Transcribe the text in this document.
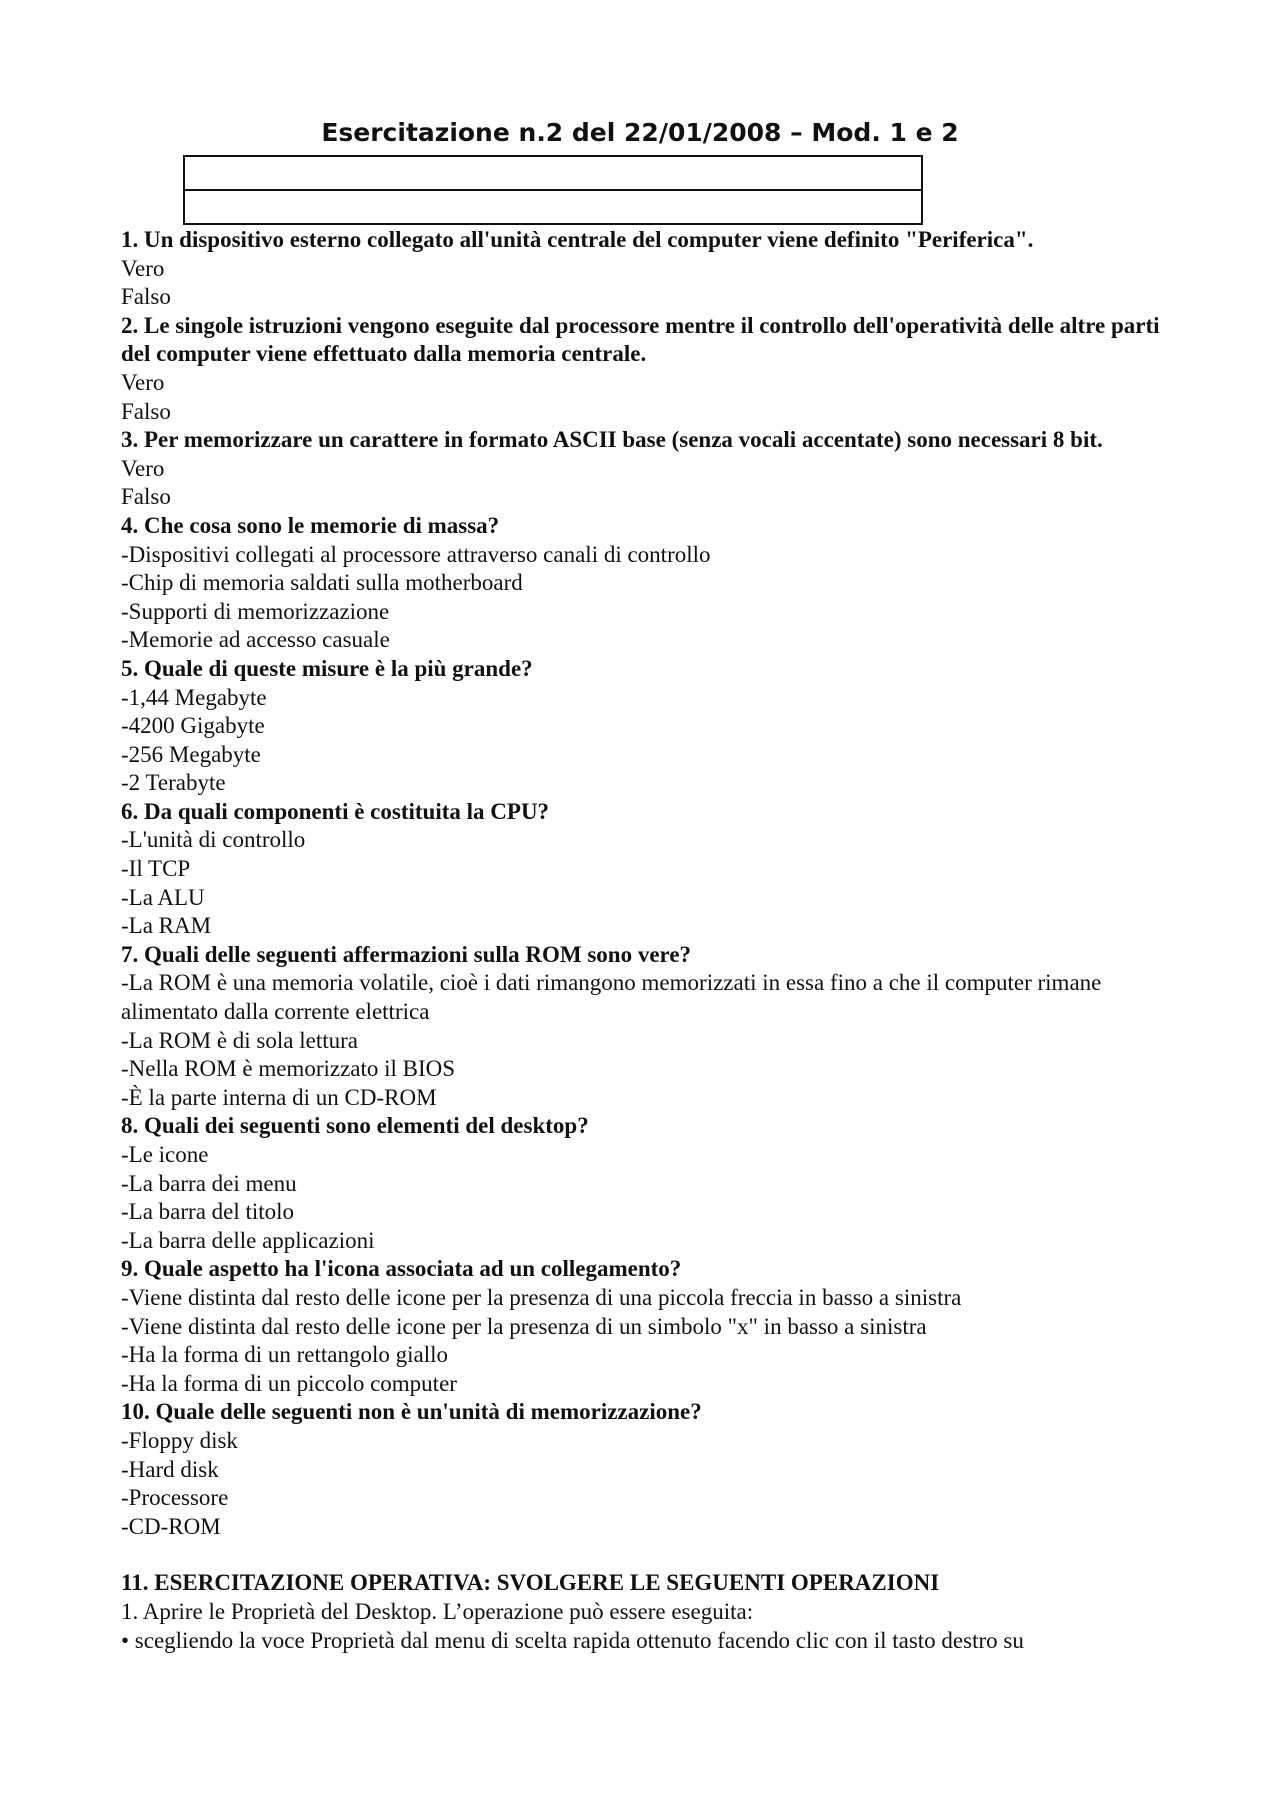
Esercitazione n.2 del 22/01/2008 – Mod. 1 e 2
1. Un dispositivo esterno collegato all'unità centrale del computer viene definito "Periferica".
Vero
Falso
2. Le singole istruzioni vengono eseguite dal processore mentre il controllo dell'operatività delle altre parti del computer viene effettuato dalla memoria centrale.
Vero
Falso
3. Per memorizzare un carattere in formato ASCII base (senza vocali accentate) sono necessari 8 bit.
Vero
Falso
4. Che cosa sono le memorie di massa?
-Dispositivi collegati al processore attraverso canali di controllo
-Chip di memoria saldati sulla motherboard
-Supporti di memorizzazione
-Memorie ad accesso casuale
5. Quale di queste misure è la più grande?
-1,44 Megabyte
-4200 Gigabyte
-256 Megabyte
-2 Terabyte
6. Da quali componenti è costituita la CPU?
-L'unità di controllo
-Il TCP
-La ALU
-La RAM
7. Quali delle seguenti affermazioni sulla ROM sono vere?
-La ROM è una memoria volatile, cioè i dati rimangono memorizzati in essa fino a che il computer rimane alimentato dalla corrente elettrica
-La ROM è di sola lettura
-Nella ROM è memorizzato il BIOS
-È la parte interna di un CD-ROM
8. Quali dei seguenti sono elementi del desktop?
-Le icone
-La barra dei menu
-La barra del titolo
-La barra delle applicazioni
9. Quale aspetto ha l'icona associata ad un collegamento?
-Viene distinta dal resto delle icone per la presenza di una piccola freccia in basso a sinistra
-Viene distinta dal resto delle icone per la presenza di un simbolo "x" in basso a sinistra
-Ha la forma di un rettangolo giallo
-Ha la forma di un piccolo computer
10. Quale delle seguenti non è un'unità di memorizzazione?
-Floppy disk
-Hard disk
-Processore
-CD-ROM
11. ESERCITAZIONE OPERATIVA: SVOLGERE LE SEGUENTI OPERAZIONI
1. Aprire le Proprietà del Desktop. L’operazione può essere eseguita:
• scegliendo la voce Proprietà dal menu di scelta rapida ottenuto facendo clic con il tasto destro su
